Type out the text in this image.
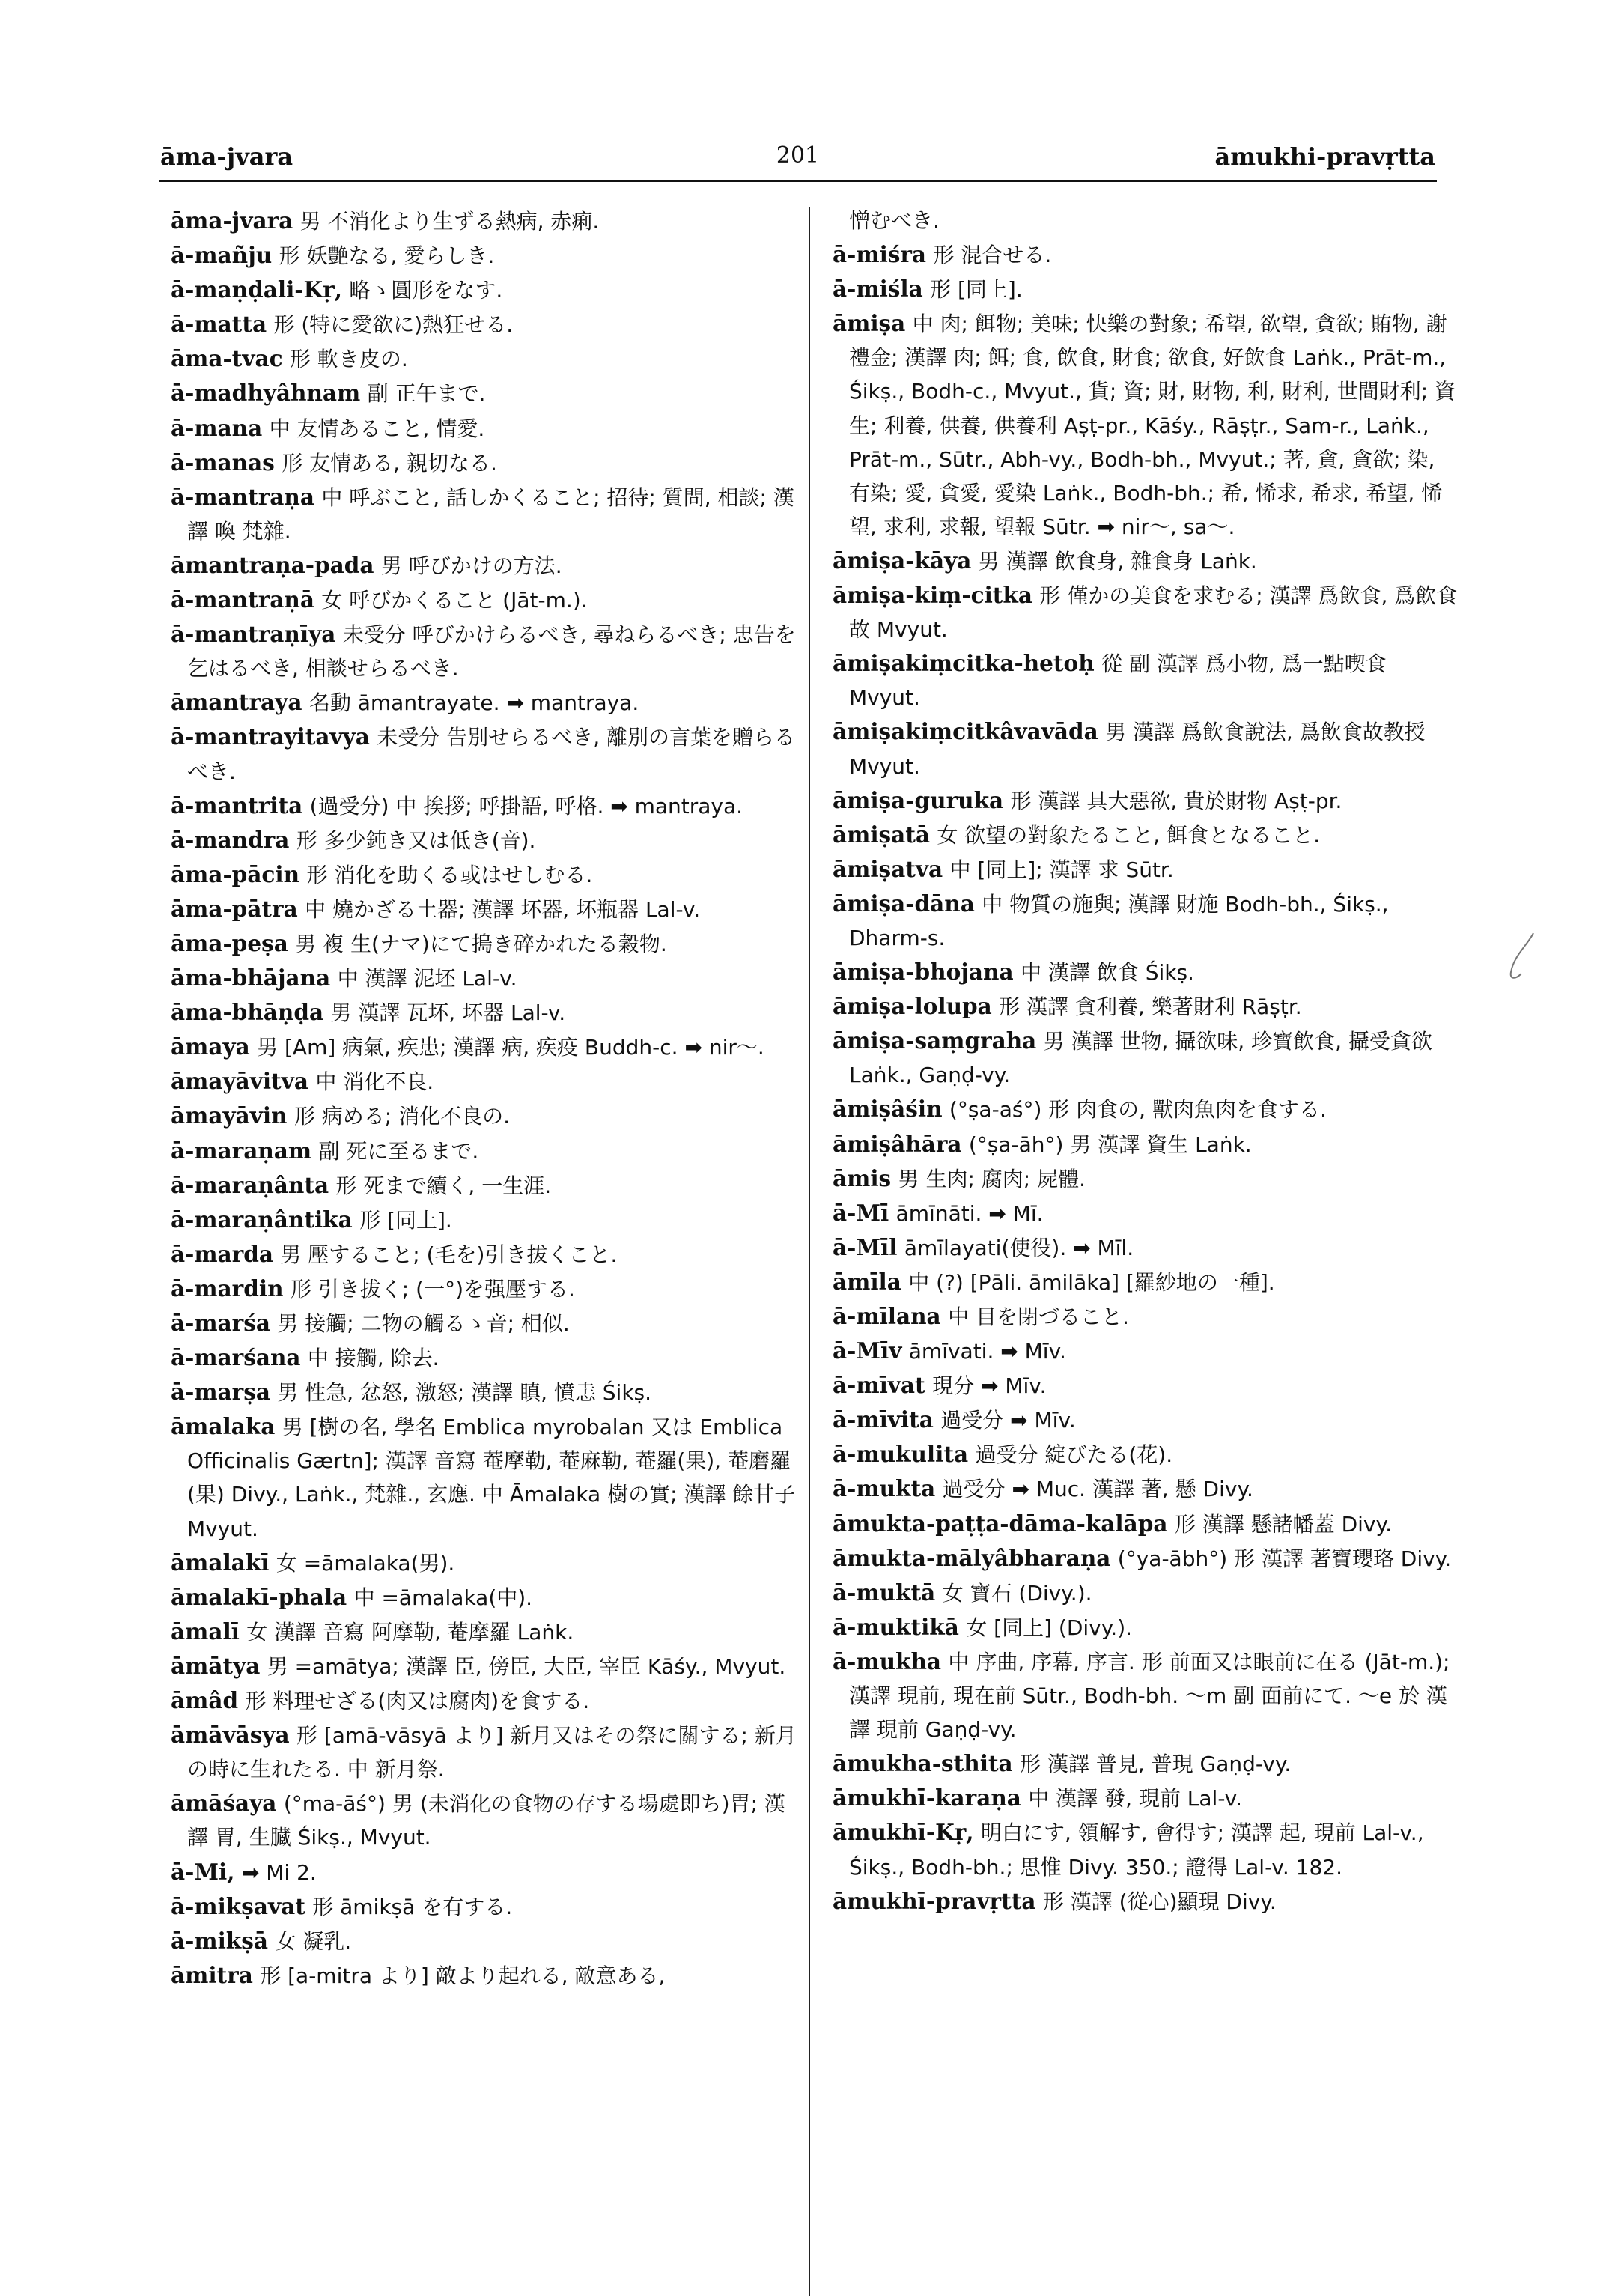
201
āma-jvara	āmukhi-pravṛtta

āma-jvara 男 不消化より生ずる熱病, 赤痢.

ā-mañju 形 妖艶なる, 愛らしき.

ā-maṇḍali-Kṛ, 略ゝ圓形をなす.

ā-matta 形 (特に愛欲に)熱狂せる.

āma-tvac 形 軟き皮の.

ā-madhyâhnam 副 正午まで.

ā-mana 中 友情あること, 情愛.

ā-manas 形 友情ある, 親切なる.

ā-mantraṇa 中 呼ぶこと, 話しかくること; 招待; 質問, 相談; 漢譯 喚 梵雜.

āmantraṇa-pada 男 呼びかけの方法.

ā-mantraṇā 女 呼びかくること (Jāt-m.).

ā-mantraṇīya 未受分 呼びかけらるべき, 尋ねらるべき; 忠告を乞はるべき, 相談せらるべき.

āmantraya 名動 āmantrayate. ➡ mantraya.

ā-mantrayitavya 未受分 告別せらるべき, 離別の言葉を贈らるべき.

ā-mantrita (過受分) 中 挨拶; 呼掛語, 呼格. ➡ mantraya.

ā-mandra 形 多少鈍き又は低き(音).

āma-pācin 形 消化を助くる或はせしむる.

āma-pātra 中 燒かざる土器; 漢譯 坏器, 坏瓶器 Lal-v.

āma-peṣa 男 複 生(ナマ)にて搗き碎かれたる穀物.

āma-bhājana 中 漢譯 泥坯 Lal-v.

āma-bhāṇḍa 男 漢譯 瓦坏, 坏器 Lal-v.

āmaya 男 [Am] 病氣, 疾患; 漢譯 病, 疾疫 Buddh-c. ➡ nir〜.

āmayāvitva 中 消化不良.

āmayāvin 形 病める; 消化不良の.

ā-maraṇam 副 死に至るまで.

ā-maraṇânta 形 死まで續く, 一生涯.

ā-maraṇântika 形 [同上].

ā-marda 男 壓すること; (毛を)引き拔くこと.

ā-mardin 形 引き拔く; (一°)を强壓する.

ā-marśa 男 接觸; 二物の觸るゝ音; 相似.

ā-marśana 中 接觸, 除去.

ā-marṣa 男 性急, 忿怒, 激怒; 漢譯 瞋, 憤恚 Śikṣ.

āmalaka 男 [樹の名, 學名 Emblica myrobalan 又は Emblica Officinalis Gærtn]; 漢譯 音寫 菴摩勒, 菴麻勒, 菴羅(果), 菴磨羅(果) Divy., Laṅk., 梵雜., 玄應. 中 Āmalaka 樹の實; 漢譯 餘甘子 Mvyut.

āmalakī 女 =āmalaka(男).

āmalakī-phala 中 =āmalaka(中).

āmalī 女 漢譯 音寫 阿摩勒, 菴摩羅 Laṅk.

āmātya 男 =amātya; 漢譯 臣, 傍臣, 大臣, 宰臣 Kāśy., Mvyut.

āmâd 形 料理せざる(肉又は腐肉)を食する.

āmāvāsya 形 [amā-vāsyā より] 新月又はその祭に關する; 新月の時に生れたる. 中 新月祭.

āmāśaya (°ma-āś°) 男 (未消化の食物の存する場處即ち)胃; 漢譯 胃, 生臓 Śikṣ., Mvyut.

ā-Mi, ➡ Mi 2.

ā-mikṣavat 形 āmikṣā を有する.

ā-mikṣā 女 凝乳.

āmitra 形 [a-mitra より] 敵より起れる, 敵意ある,

憎むべき.

ā-miśra 形 混合せる.

ā-miśla 形 [同上].

āmiṣa 中 肉; 餌物; 美味; 快樂の對象; 希望, 欲望, 貪欲; 賄物, 謝禮金; 漢譯 肉; 餌; 食, 飲食, 財食; 欲食, 好飲食 Laṅk., Prāt-m., Śikṣ., Bodh-c., Mvyut., 貨; 資; 財, 財物, 利, 財利, 世間財利; 資生; 利養, 供養, 供養利 Aṣṭ-pr., Kāśy., Rāṣṭr., Sam-r., Laṅk., Prāt-m., Sūtr., Abh-vy., Bodh-bh., Mvyut.; 著, 貪, 貪欲; 染, 有染; 愛, 貪愛, 愛染 Laṅk., Bodh-bh.; 希, 悕求, 希求, 希望, 悕望, 求利, 求報, 望報 Sūtr. ➡ nir〜, sa〜.

āmiṣa-kāya 男 漢譯 飲食身, 雜食身 Laṅk.

āmiṣa-kiṃ-citka 形 僅かの美食を求むる; 漢譯 爲飲食, 爲飲食故 Mvyut.

āmiṣakiṃcitka-hetoḥ 從 副 漢譯 爲小物, 爲一點喫食 Mvyut.

āmiṣakiṃcitkâvavāda 男 漢譯 爲飲食說法, 爲飲食故教授 Mvyut.

āmiṣa-guruka 形 漢譯 具大惡欲, 貴於財物 Aṣṭ-pr.

āmiṣatā 女 欲望の對象たること, 餌食となること.

āmiṣatva 中 [同上]; 漢譯 求 Sūtr.

āmiṣa-dāna 中 物質の施與; 漢譯 財施 Bodh-bh., Śikṣ., Dharm-s.

āmiṣa-bhojana 中 漢譯 飲食 Śikṣ.

āmiṣa-lolupa 形 漢譯 貪利養, 樂著財利 Rāṣṭr.

āmiṣa-saṃgraha 男 漢譯 世物, 攝欲味, 珍寶飲食, 攝受貪欲 Laṅk., Gaṇḍ-vy.

āmiṣâśin (°ṣa-aś°) 形 肉食の, 獸肉魚肉を食する.

āmiṣâhāra (°ṣa-āh°) 男 漢譯 資生 Laṅk.

āmis 男 生肉; 腐肉; 屍體.

ā-Mī āmīnāti. ➡ Mī.

ā-Mīl āmīlayati(使役). ➡ Mīl.

āmīla 中 (?) [Pāli. āmilāka] [羅紗地の一種].

ā-mīlana 中 目を閉づること.

ā-Mīv āmīvati. ➡ Mīv.

ā-mīvat 現分 ➡ Mīv.

ā-mīvita 過受分 ➡ Mīv.

ā-mukulita 過受分 綻びたる(花).

ā-mukta 過受分 ➡ Muc. 漢譯 著, 懸 Divy.

āmukta-paṭṭa-dāma-kalāpa 形 漢譯 懸諸幡蓋 Divy.

āmukta-mālyâbharaṇa (°ya-ābh°) 形 漢譯 著寶瓔珞 Divy.

ā-muktā 女 寶石 (Divy.).

ā-muktikā 女 [同上] (Divy.).

ā-mukha 中 序曲, 序幕, 序言. 形 前面又は眼前に在る (Jāt-m.); 漢譯 現前, 現在前 Sūtr., Bodh-bh. 〜m 副 面前にて. 〜e 於 漢譯 現前 Gaṇḍ-vy.

āmukha-sthita 形 漢譯 普見, 普現 Gaṇḍ-vy.

āmukhī-karaṇa 中 漢譯 發, 現前 Lal-v.

āmukhī-Kṛ, 明白にす, 領解す, 會得す; 漢譯 起, 現前 Lal-v., Śikṣ., Bodh-bh.; 思惟 Divy. 350.; 證得 Lal-v. 182.

āmukhī-pravṛtta 形 漢譯 (從心)顯現 Divy.
